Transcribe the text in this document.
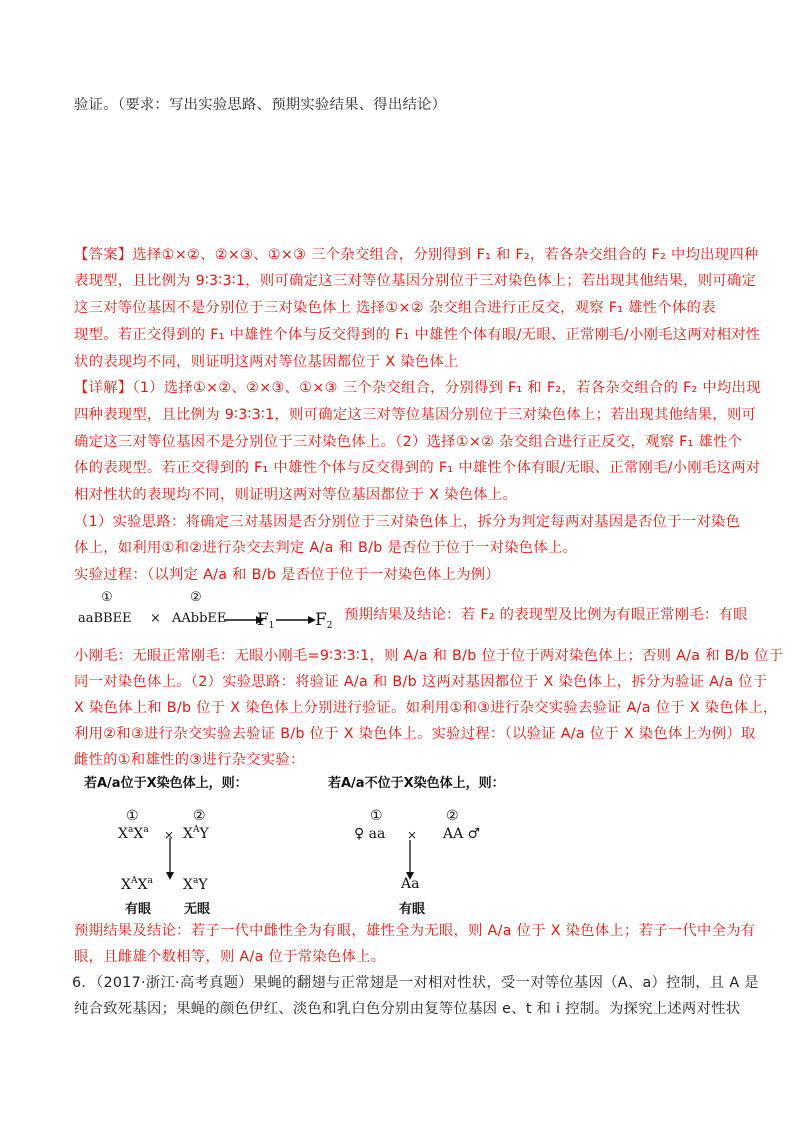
验证。（要求：写出实验思路、预期实验结果、得出结论）
【答案】选择①×②、②×③、①×③ 三个杂交组合，分别得到 F₁ 和 F₂，若各杂交组合的 F₂ 中均出现四种
表现型，且比例为 9∶3∶3∶1，则可确定这三对等位基因分别位于三对染色体上；若出现其他结果，则可确定
这三对等位基因不是分别位于三对染色体上 选择①×② 杂交组合进行正反交，观察 F₁ 雄性个体的表
现型。若正交得到的 F₁ 中雄性个体与反交得到的 F₁ 中雄性个体有眼/无眼、正常刚毛/小刚毛这两对相对性
状的表现均不同，则证明这两对等位基因都位于 X 染色体上
【详解】（1）选择①×②、②×③、①×③ 三个杂交组合，分别得到 F₁ 和 F₂，若各杂交组合的 F₂ 中均出现
四种表现型，且比例为 9∶3∶3∶1，则可确定这三对等位基因分别位于三对染色体上；若出现其他结果，则可
确定这三对等位基因不是分别位于三对染色体上。（2）选择①×② 杂交组合进行正反交，观察 F₁ 雄性个
体的表现型。若正交得到的 F₁ 中雄性个体与反交得到的 F₁ 中雄性个体有眼/无眼、正常刚毛/小刚毛这两对
相对性状的表现均不同，则证明这两对等位基因都位于 X 染色体上。
（1）实验思路：将确定三对基因是否分别位于三对染色体上，拆分为判定每两对基因是否位于一对染色
体上，如利用①和②进行杂交去判定 A/a 和 B/b 是否位于位于一对染色体上。
实验过程：（以判定 A/a 和 B/b 是否位于位于一对染色体上为例）
①	②
aaBBEE × AAbbEE $F_1$ $F_2$
预期结果及结论：若 F₂ 的表现型及比例为有眼正常刚毛：有眼
小刚毛：无眼正常刚毛：无眼小刚毛=9∶3∶3∶1，则 A/a 和 B/b 位于位于两对染色体上；否则 A/a 和 B/b 位于
同一对染色体上。（2）实验思路：将验证 A/a 和 B/b 这两对基因都位于 X 染色体上，拆分为验证 A/a 位于
X 染色体上和 B/b 位于 X 染色体上分别进行验证。如利用①和③进行杂交实验去验证 A/a 位于 X 染色体上，
利用②和③进行杂交实验去验证 B/b 位于 X 染色体上。实验过程：（以验证 A/a 位于 X 染色体上为例）取
雌性的①和雄性的③进行杂交实验：
若A/a位于X染色体上，则：
①	②
$X^aX^a \times X^AY$
$X^AX^a$ $X^aY$
有眼	无眼
若A/a不位于X染色体上，则：
①	②
♀ aa × AA ♂
Aa
有眼
预期结果及结论：若子一代中雌性全为有眼，雄性全为无眼，则 A/a 位于 X 染色体上；若子一代中全为有
眼，且雌雄个数相等，则 A/a 位于常染色体上。
6．（2017·浙江·高考真题）果蝇的翻翅与正常翅是一对相对性状，受一对等位基因（A、a）控制，且 A 是
纯合致死基因；果蝇的颜色伊红、淡色和乳白色分别由复等位基因 e、t 和 i 控制。为探究上述两对性状
